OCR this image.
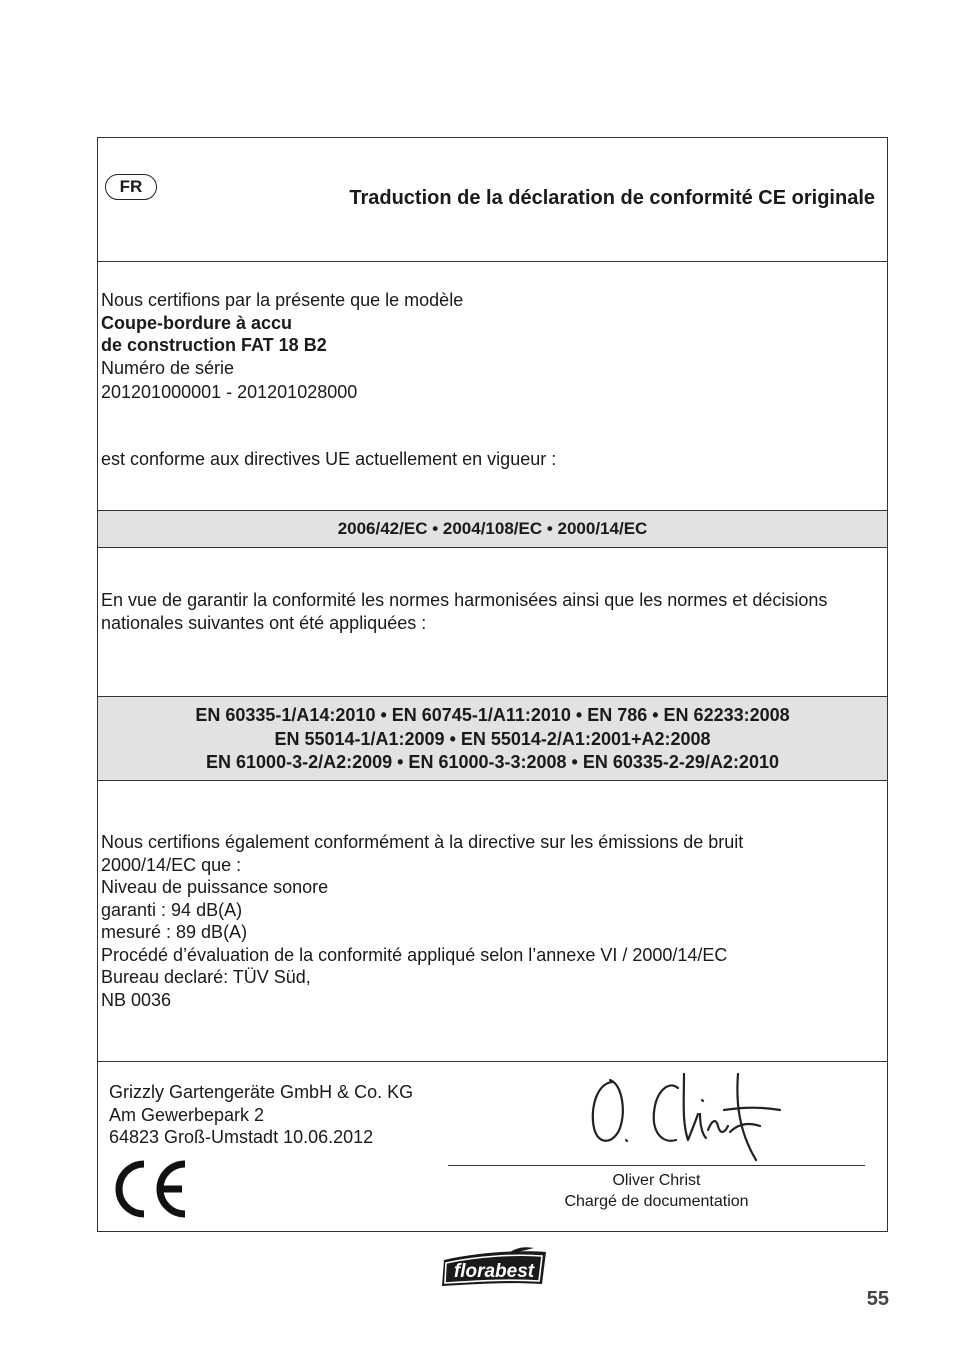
FR
Traduction de la déclaration de conformité CE originale
Nous certifions par la présente que le modèle
Coupe-bordure à accu
de construction FAT 18 B2
Numéro de série
201201000001 - 201201028000
est conforme aux directives UE actuellement en vigueur :
2006/42/EC • 2004/108/EC • 2000/14/EC
En vue de garantir la conformité les normes harmonisées ainsi que les normes et décisions
nationales suivantes ont été appliquées :
EN 60335-1/A14:2010 • EN 60745-1/A11:2010 • EN 786 • EN 62233:2008
EN 55014-1/A1:2009 • EN 55014-2/A1:2001+A2:2008
EN 61000-3-2/A2:2009 • EN 61000-3-3:2008 • EN 60335-2-29/A2:2010
Nous certifions également conformément à la directive sur les émissions de bruit
2000/14/EC que :
Niveau de puissance sonore
garanti : 94 dB(A)
mesuré : 89 dB(A)
Procédé d’évaluation de la conformité appliqué selon l’annexe VI / 2000/14/EC
Bureau declaré: TÜV Süd,
NB 0036
Grizzly Gartengeräte GmbH & Co. KG
Am Gewerbepark 2
64823 Groß-Umstadt 10.06.2012
Oliver Christ
Chargé de documentation
florabest
55
